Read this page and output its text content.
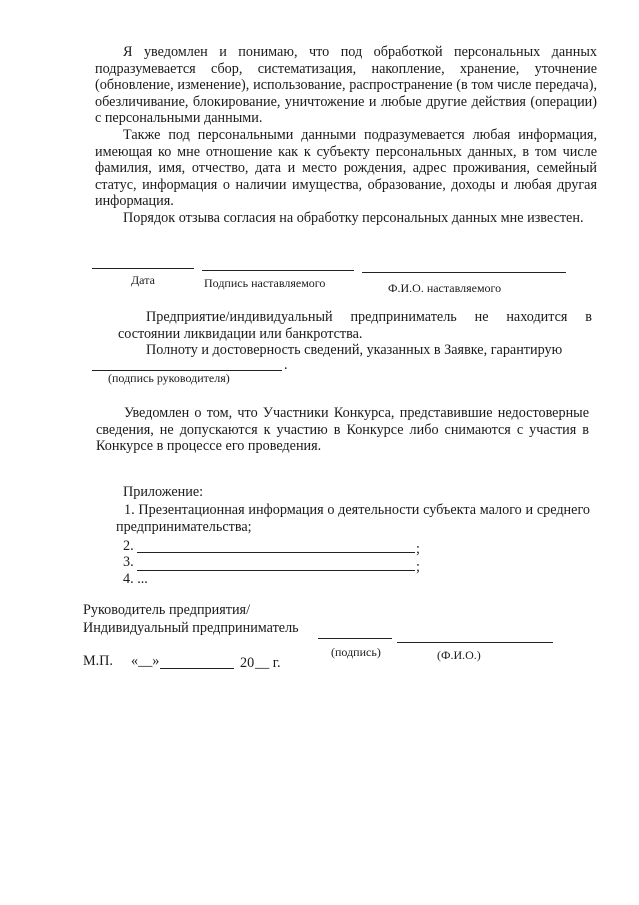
Я уведомлен и понимаю, что под обработкой персональных данных подразумевается сбор, систематизация, накопление, хранение, уточнение (обновление, изменение), использование, распространение (в том числе передача), обезличивание, блокирование, уничтожение и любые другие действия (операции) с персональными данными.

Также под персональными данными подразумевается любая информация, имеющая ко мне отношение как к субъекту персональных данных, в том числе фамилия, имя, отчество, дата и место рождения, адрес проживания, семейный статус, информация о наличии имущества, образование, доходы и любая другая информация.

Порядок отзыва согласия на обработку персональных данных мне известен.

Дата	Подпись наставляемого	Ф.И.О. наставляемого

Предприятие/индивидуальный предприниматель не находится в состоянии ликвидации или банкротства.

Полноту и достоверность сведений, указанных в Заявке, гарантирую

.
(подпись руководителя)

Уведомлен о том, что Участники Конкурса, представившие недостоверные сведения, не допускаются к участию в Конкурсе либо снимаются с участия в Конкурсе в процессе его проведения.

Приложение:

1. Презентационная информация о деятельности субъекта малого и среднего предпринимательства;

2.	;
3.	;
4. ...
Руководитель предприятия/
Индивидуальный предприниматель
(подпись)	(Ф.И.О.)
М.П. «__»	20 __ г.
